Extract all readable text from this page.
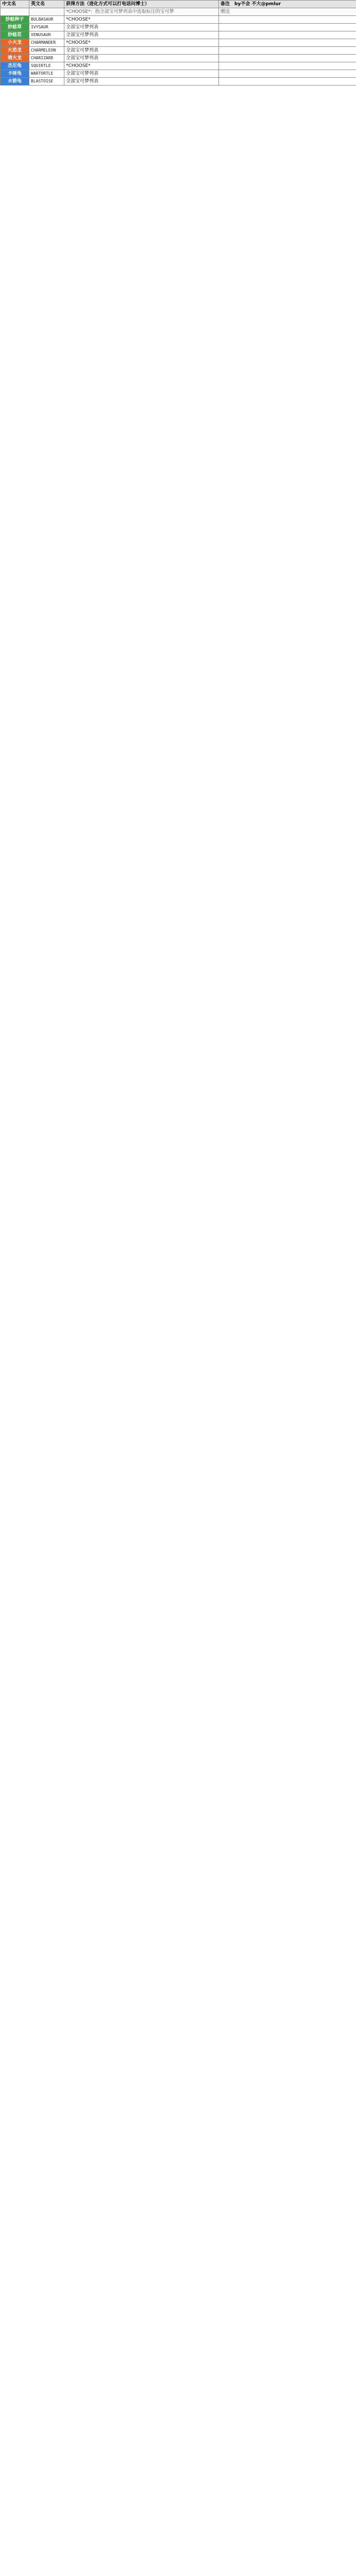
中文名	英文名	获得方法（进化方式可以打电话问博士）	备注　 by不会 不大@pmlur
		*CHOOSE*：指全部宝可梦列表中选取标注的宝可梦	赠送
妙蛙种子	BULBASAUR	*CHOOSE*	
妙蛙草	IVYSAUR	全部宝可梦列表	
妙蛙花	VENUSAUR	全部宝可梦列表	
小火龙	CHARMANDER	*CHOOSE*	
火恐龙	CHARMELEON	全部宝可梦列表	
喷火龙	CHARIZARD	全部宝可梦列表	
杰尼龟	SQUIRTLE	*CHOOSE*	
卡咪龟	WARTORTLE	全部宝可梦列表	
水箭龟	BLASTOISE	全部宝可梦列表	
